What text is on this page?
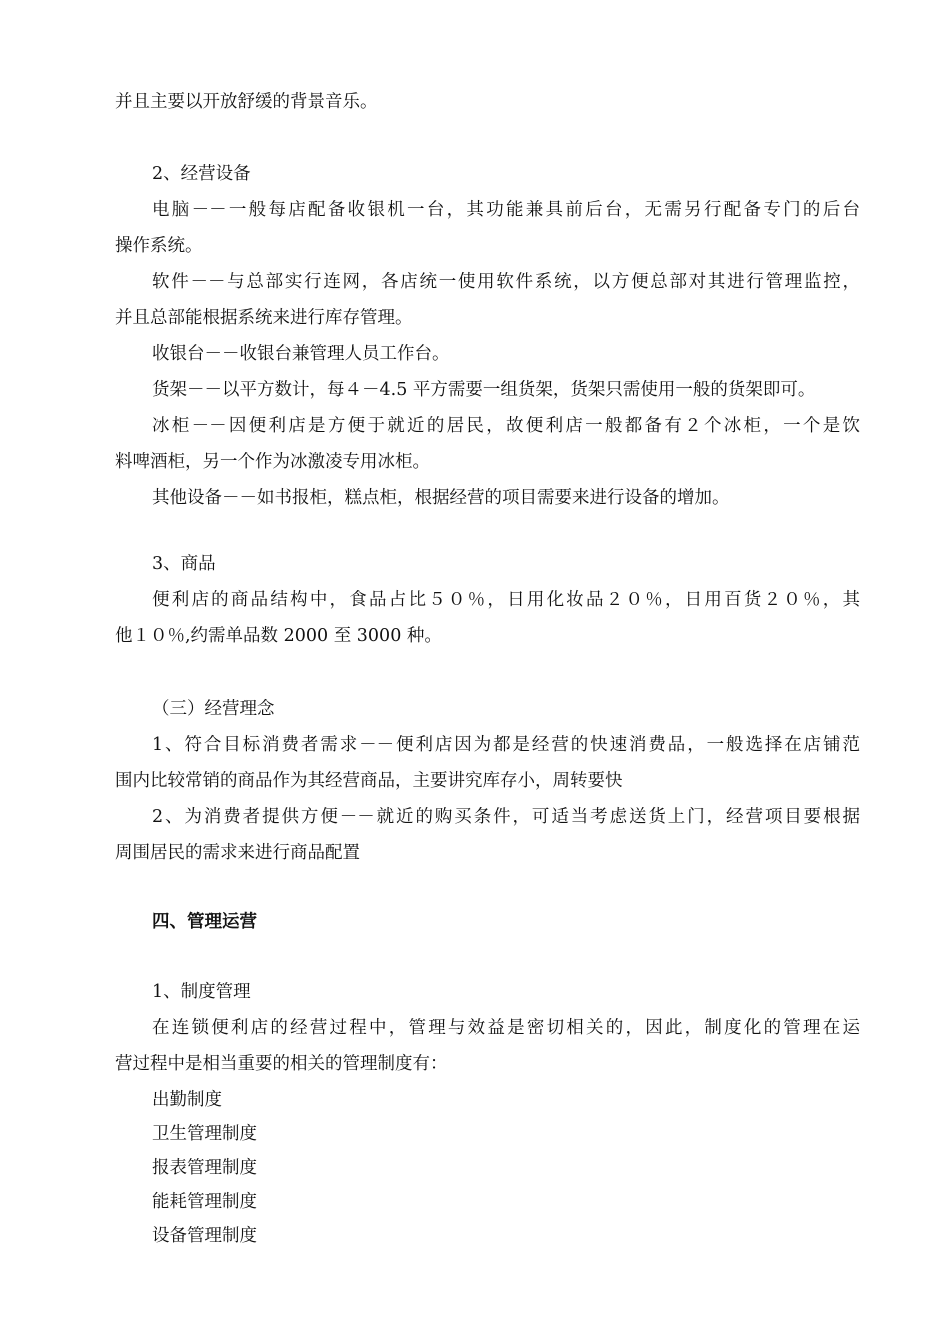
并且主要以开放舒缓的背景音乐。
2、经营设备
电脑－－一般每店配备收银机一台，其功能兼具前后台，无需另行配备专门的后台
操作系统。
软件－－与总部实行连网，各店统一使用软件系统，以方便总部对其进行管理监控，
并且总部能根据系统来进行库存管理。
收银台－－收银台兼管理人员工作台。
货架－－以平方数计，每４－4.5 平方需要一组货架，货架只需使用一般的货架即可。
冰柜－－因便利店是方便于就近的居民，故便利店一般都备有２个冰柜，一个是饮
料啤酒柜，另一个作为冰激凌专用冰柜。
其他设备－－如书报柜，糕点柜，根据经营的项目需要来进行设备的增加。
3、商品
便利店的商品结构中，食品占比５０％，日用化妆品２０％，日用百货２０％，其
他１０％,约需单品数 2000 至 3000 种。
（三）经营理念
1、符合目标消费者需求－－便利店因为都是经营的快速消费品，一般选择在店铺范
围内比较常销的商品作为其经营商品，主要讲究库存小，周转要快
2、为消费者提供方便－－就近的购买条件，可适当考虑送货上门，经营项目要根据
周围居民的需求来进行商品配置
四、管理运营
1、制度管理
在连锁便利店的经营过程中，管理与效益是密切相关的，因此，制度化的管理在运
营过程中是相当重要的相关的管理制度有：
出勤制度
卫生管理制度
报表管理制度
能耗管理制度
设备管理制度
